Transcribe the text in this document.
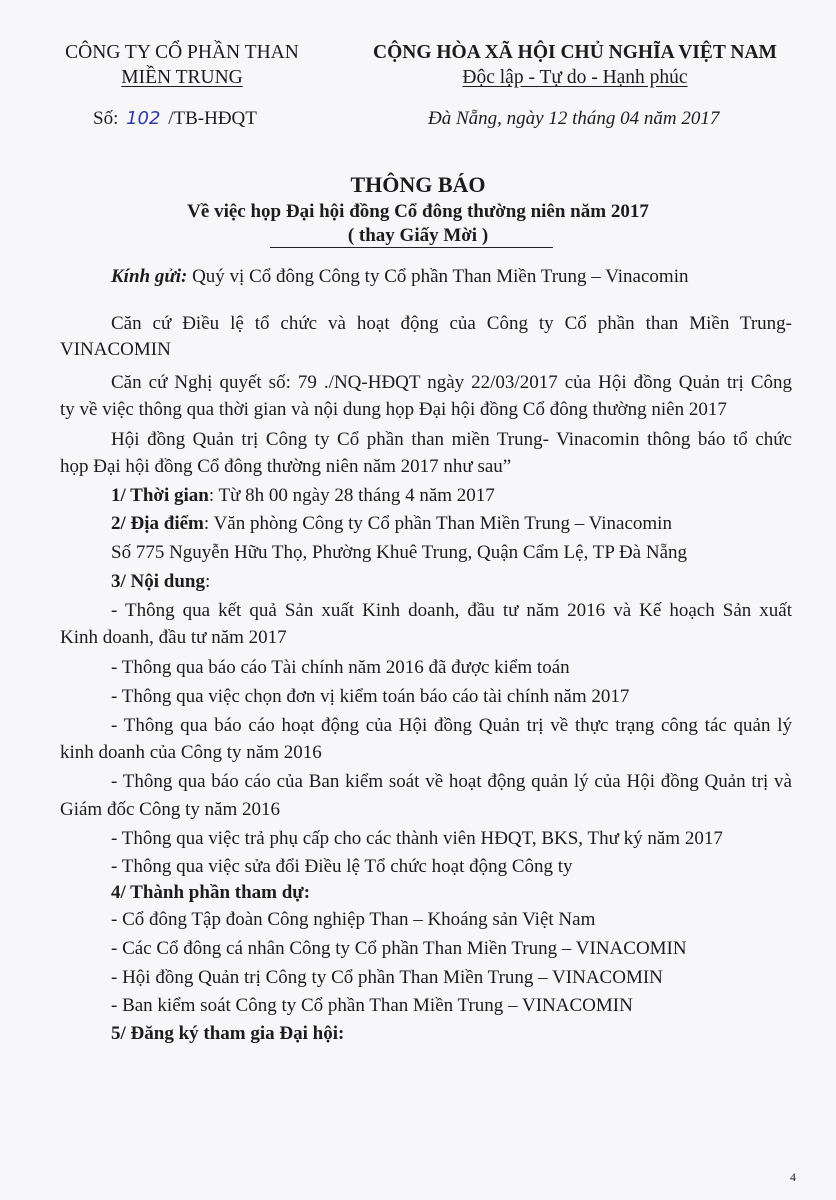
CÔNG TY CỔ PHẦN THAN
MIỀN TRUNG
CỘNG HÒA XÃ HỘI CHỦ NGHĨA VIỆT NAM
Độc lập - Tự do - Hạnh phúc
Số: 102 /TB-HĐQT	Đà Nẵng, ngày 12 tháng 04 năm 2017
THÔNG BÁO
Về việc họp Đại hội đồng Cổ đông thường niên năm 2017
( thay Giấy Mời )
Kính gửi: Quý vị Cổ đông Công ty Cổ phần Than Miền Trung – Vinacomin
Căn cứ Điều lệ tổ chức và hoạt động của Công ty Cổ phần than Miền Trung-
VINACOMIN
Căn cứ Nghị quyết số: 79 ./NQ-HĐQT ngày 22/03/2017 của Hội đồng Quản trị Công
ty về việc thông qua thời gian và nội dung họp Đại hội đồng Cổ đông thường niên 2017
Hội đồng Quản trị Công ty Cổ phần than miền Trung- Vinacomin thông báo tổ chức
họp Đại hội đồng Cổ đông thường niên năm 2017 như sau”
1/ Thời gian: Từ 8h 00 ngày 28 tháng 4 năm 2017
2/ Địa điểm: Văn phòng Công ty Cổ phần Than Miền Trung – Vinacomin
Số 775 Nguyễn Hữu Thọ, Phường Khuê Trung, Quận Cẩm Lệ, TP Đà Nẵng
3/ Nội dung:
- Thông qua kết quả Sản xuất Kinh doanh, đầu tư năm 2016 và Kế hoạch Sản xuất
Kinh doanh, đầu tư năm 2017
- Thông qua báo cáo Tài chính năm 2016 đã được kiểm toán
- Thông qua việc chọn đơn vị kiểm toán báo cáo tài chính năm 2017
- Thông qua báo cáo hoạt động của Hội đồng Quản trị về thực trạng công tác quản lý
kinh doanh của Công ty năm 2016
- Thông qua báo cáo của Ban kiểm soát về hoạt động quản lý của Hội đồng Quản trị và
Giám đốc Công ty năm 2016
- Thông qua việc trả phụ cấp cho các thành viên HĐQT, BKS, Thư ký năm 2017
- Thông qua việc sửa đổi Điều lệ Tổ chức hoạt động Công ty
4/ Thành phần tham dự:
- Cổ đông Tập đoàn Công nghiệp Than – Khoáng sản Việt Nam
- Các Cổ đông cá nhân Công ty Cổ phần Than Miền Trung – VINACOMIN
- Hội đồng Quản trị Công ty Cổ phần Than Miền Trung – VINACOMIN
- Ban kiểm soát Công ty Cổ phần Than Miền Trung – VINACOMIN
5/ Đăng ký tham gia Đại hội:
4
